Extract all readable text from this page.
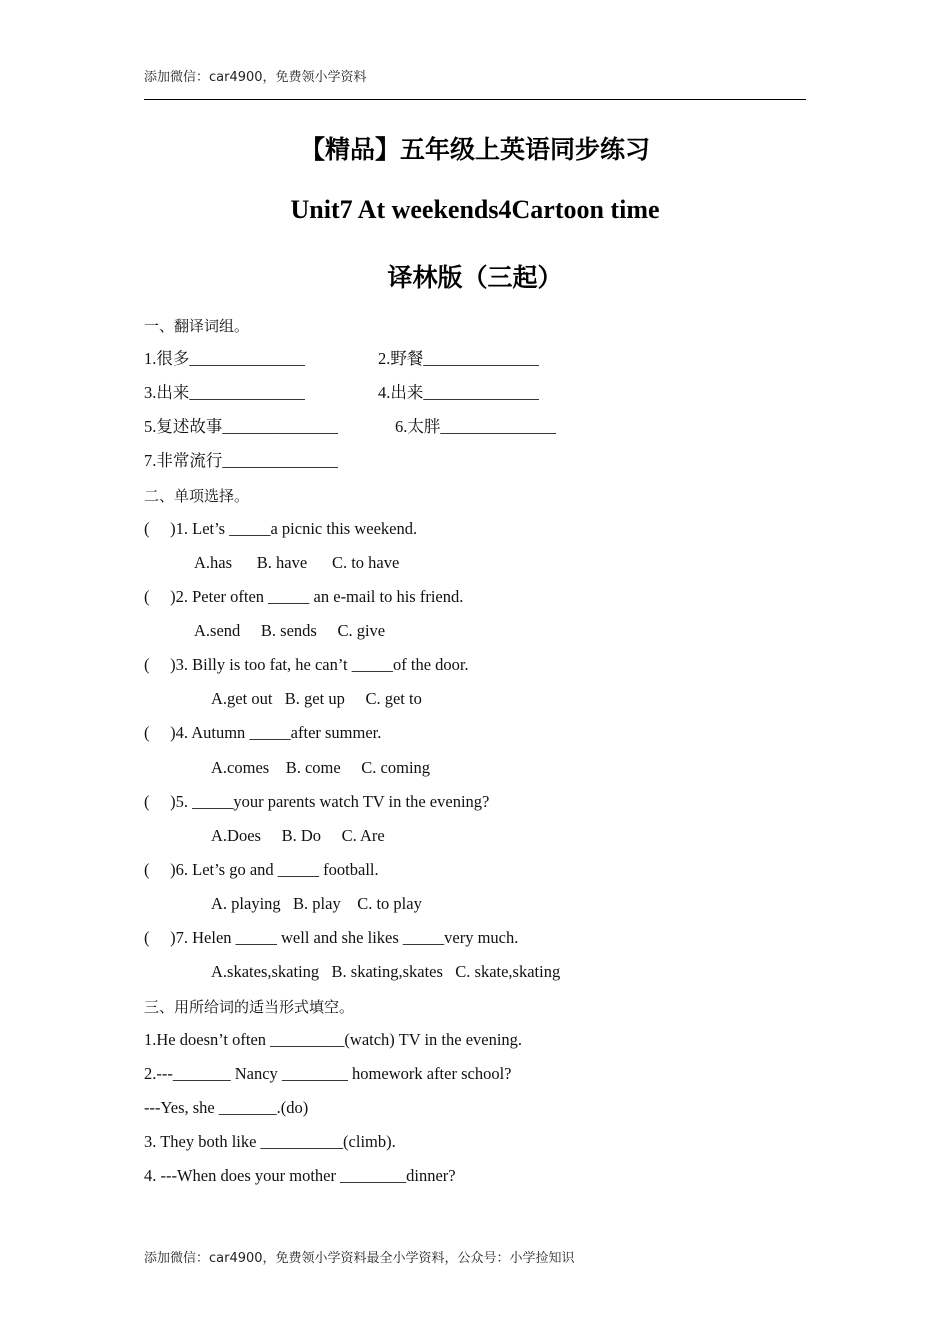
添加微信：car4900，免费领小学资料
【精品】五年级上英语同步练习
Unit7 At weekends4Cartoon time
译林版（三起）
一、翻译词组。
1.很多______________	2.野餐______________
3.出来______________	4.出来______________
5.复述故事______________	6.太胖______________
7.非常流行______________
二、单项选择。
(     )1. Let’s _____a picnic this weekend.
A.has      B. have      C. to have
(     )2. Peter often _____ an e-mail to his friend.
A.send     B. sends     C. give
(     )3. Billy is too fat, he can’t _____of the door.
A.get out   B. get up     C. get to
(     )4. Autumn _____after summer.
A.comes    B. come     C. coming
(     )5. _____your parents watch TV in the evening?
A.Does     B. Do     C. Are
(     )6. Let’s go and _____ football.
A. playing   B. play    C. to play
(     )7. Helen _____ well and she likes _____very much.
A.skates,skating   B. skating,skates   C. skate,skating
三、用所给词的适当形式填空。
1.He doesn’t often _________(watch) TV in the evening.
2.---_______ Nancy ________ homework after school?
---Yes, she _______.(do)
3. They both like __________(climb).
4. ---When does your mother ________dinner?
添加微信：car4900，免费领小学资料最全小学资料，公众号：小学捡知识
